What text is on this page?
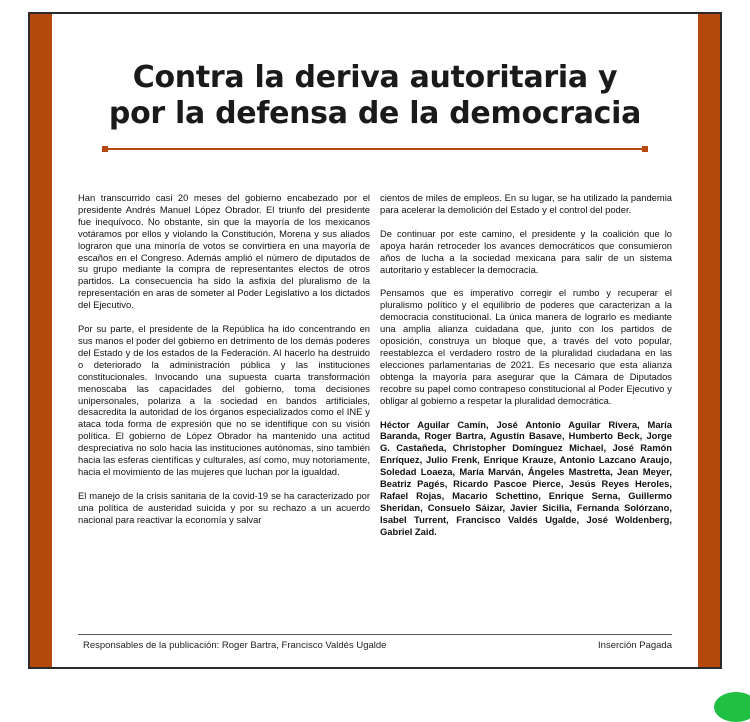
Contra la deriva autoritaria y
por la defensa de la democracia

Han transcurrido casi 20 meses del gobierno encabezado por el presidente Andrés Manuel López Obrador. El triunfo del presidente fue inequívoco. No obstante, sin que la mayoría de los mexicanos votáramos por ellos y violando la Constitución, Morena y sus aliados lograron que una minoría de votos se convirtiera en una mayoría de escaños en el Congreso. Además amplió el número de diputados de su grupo mediante la compra de representantes electos de otros partidos. La consecuencia ha sido la asfixia del pluralismo de la representación en aras de someter al Poder Legislativo a los dictados del Ejecutivo.

Por su parte, el presidente de la República ha ido concentrando en sus manos el poder del gobierno en detrimento de los demás poderes del Estado y de los estados de la Federación. Al hacerlo ha destruido o deteriorado la administración pública y las instituciones constitucionales. Invocando una supuesta cuarta transformación menoscaba las capacidades del gobierno, toma decisiones unipersonales, polariza a la sociedad en bandos artificiales, desacredita la autoridad de los órganos especializados como el INE y ataca toda forma de expresión que no se identifique con su visión política. El gobierno de López Obrador ha mantenido una actitud despreciativa no solo hacia las instituciones autónomas, sino también hacia las esferas científicas y culturales, así como, muy notoriamente, hacia el movimiento de las mujeres que luchan por la igualdad.

El manejo de la crisis sanitaria de la covid-19 se ha caracterizado por una política de austeridad suicida y por su rechazo a un acuerdo nacional para reactivar la economía y salvar

cientos de miles de empleos. En su lugar, se ha utilizado la pandemia para acelerar la demolición del Estado y el control del poder.

De continuar por este camino, el presidente y la coalición que lo apoya harán retroceder los avances democráticos que consumieron años de lucha a la sociedad mexicana para salir de un sistema autoritario y establecer la democracia.

Pensamos que es imperativo corregir el rumbo y recuperar el pluralismo político y el equilibrio de poderes que caracterizan a la democracia constitucional. La única manera de lograrlo es mediante una amplia alianza cuidadana que, junto con los partidos de oposición, construya un bloque que, a través del voto popular, reestablezca el verdadero rostro de la pluralidad ciudadana en las elecciones parlamentarias de 2021. Es necesario que esta alianza obtenga la mayoría para asegurar que la Cámara de Diputados recobre su papel como contrapeso constitucional al Poder Ejecutivo y obligar al gobierno a respetar la pluralidad democrática.

Héctor Aguilar Camín, José Antonio Aguilar Rivera, María Baranda, Roger Bartra, Agustín Basave, Humberto Beck, Jorge G. Castañeda, Christopher Domínguez Michael, José Ramón Enríquez, Julio Frenk, Enrique Krauze, Antonio Lazcano Araujo, Soledad Loaeza, María Marván, Ángeles Mastretta, Jean Meyer, Beatriz Pagés, Ricardo Pascoe Pierce, Jesús Reyes Heroles, Rafael Rojas, Macario Schettino, Enrique Serna, Guillermo Sheridan, Consuelo Sáizar, Javier Sicilia, Fernanda Solórzano, Isabel Turrent, Francisco Valdés Ugalde, José Woldenberg, Gabriel Zaid.

Responsables de la publicación: Roger Bartra, Francisco Valdés Ugalde	Inserción Pagada
